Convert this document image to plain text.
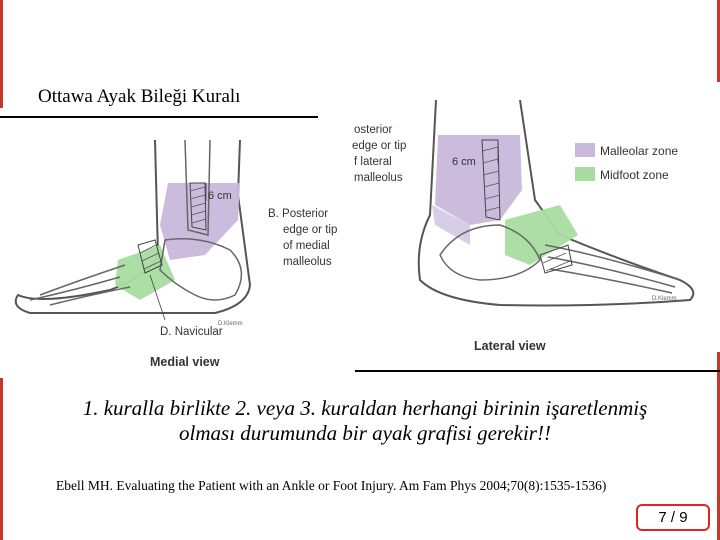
Ottawa Ayak Bileği Kuralı
6 cm
B. Posterior
edge or tip
of medial
malleolus
D. Navicular
Medial view
D.Klemm
osterior
edge or tip
f lateral
malleolus
6 cm
Lateral view
D.Klemm
Malleolar zone
Midfoot zone
1. kuralla birlikte 2. veya 3. kuraldan herhangi birinin işaretlenmiş
olması durumunda bir ayak grafisi gerekir!!
Ebell MH. Evaluating the Patient with an Ankle or Foot Injury. Am Fam Phys 2004;70(8):1535-1536)
7 / 9
